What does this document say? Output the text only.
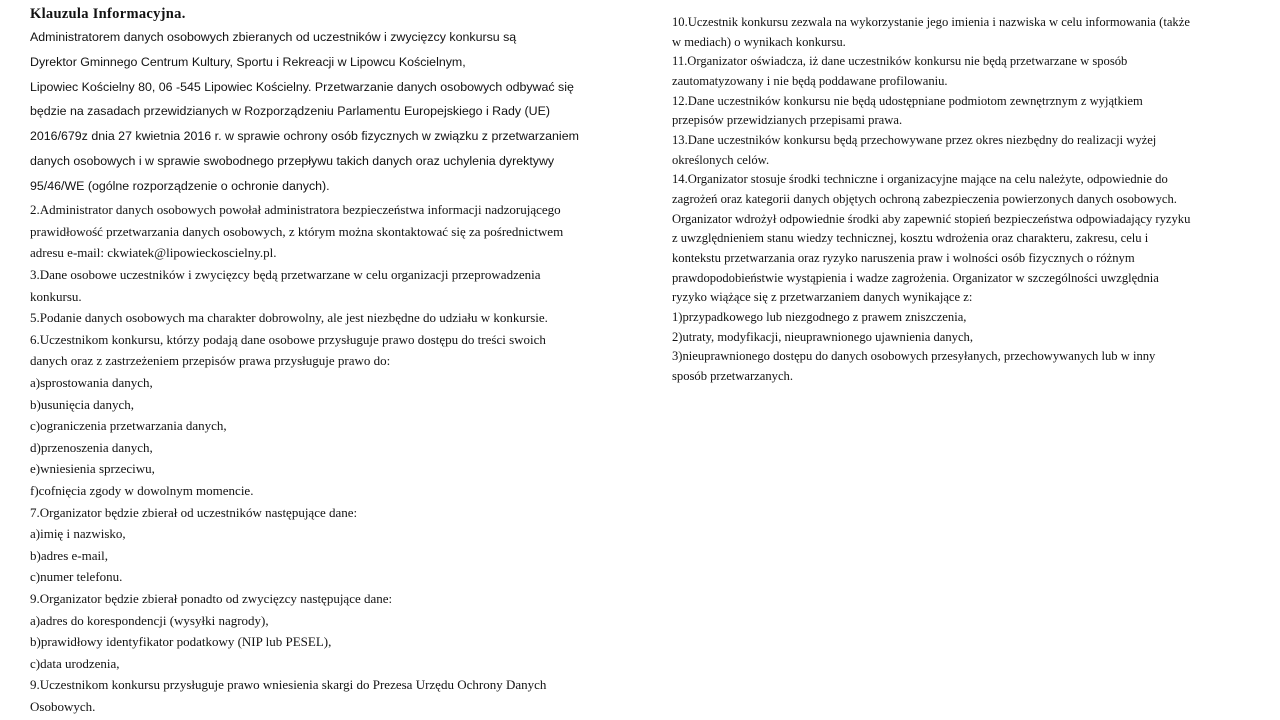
Klauzula Informacyjna.
Administratorem danych osobowych zbieranych od uczestników i zwycięzcy konkursu są
Dyrektor Gminnego Centrum Kultury, Sportu i Rekreacji w Lipowcu Kościelnym,
Lipowiec Kościelny 80, 06 -545 Lipowiec Kościelny. Przetwarzanie danych osobowych odbywać się
będzie na zasadach przewidzianych w Rozporządzeniu Parlamentu Europejskiego i Rady (UE)
2016/679z dnia 27 kwietnia 2016 r. w sprawie ochrony osób fizycznych w związku z przetwarzaniem
danych osobowych i w sprawie swobodnego przepływu takich danych oraz uchylenia dyrektywy
95/46/WE (ogólne rozporządzenie o ochronie danych).
2.Administrator danych osobowych powołał administratora bezpieczeństwa informacji nadzorującego
prawidłowość przetwarzania danych osobowych, z którym można skontaktować się za pośrednictwem
adresu e-mail: ckwiatek@lipowieckoscielny.pl.
3.Dane osobowe uczestników i zwycięzcy będą przetwarzane w celu organizacji przeprowadzenia
konkursu.
5.Podanie danych osobowych ma charakter dobrowolny, ale jest niezbędne do udziału w konkursie.
6.Uczestnikom konkursu, którzy podają dane osobowe przysługuje prawo dostępu do treści swoich
danych oraz z zastrzeżeniem przepisów prawa przysługuje prawo do:
a)sprostowania danych,
b)usunięcia danych,
c)ograniczenia przetwarzania danych,
d)przenoszenia danych,
e)wniesienia sprzeciwu,
f)cofnięcia zgody w dowolnym momencie.
7.Organizator będzie zbierał od uczestników następujące dane:
a)imię i nazwisko,
b)adres e-mail,
c)numer telefonu.
9.Organizator będzie zbierał ponadto od zwycięzcy następujące dane:
a)adres do korespondencji (wysyłki nagrody),
b)prawidłowy identyfikator podatkowy (NIP lub PESEL),
c)data urodzenia,
9.Uczestnikom konkursu przysługuje prawo wniesienia skargi do Prezesa Urzędu Ochrony Danych
Osobowych.
10.Uczestnik konkursu zezwala na wykorzystanie jego imienia i nazwiska w celu informowania (także
w mediach) o wynikach konkursu.
11.Organizator oświadcza, iż dane uczestników konkursu nie będą przetwarzane w sposób
zautomatyzowany i nie będą poddawane profilowaniu.
12.Dane uczestników konkursu nie będą udostępniane podmiotom zewnętrznym z wyjątkiem
przepisów przewidzianych przepisami prawa.
13.Dane uczestników konkursu będą przechowywane przez okres niezbędny do realizacji wyżej
określonych celów.
14.Organizator stosuje środki techniczne i organizacyjne mające na celu należyte, odpowiednie do
zagrożeń oraz kategorii danych objętych ochroną zabezpieczenia powierzonych danych osobowych.
Organizator wdrożył odpowiednie środki aby zapewnić stopień bezpieczeństwa odpowiadający ryzyku
z uwzględnieniem stanu wiedzy technicznej, kosztu wdrożenia oraz charakteru, zakresu, celu i
kontekstu przetwarzania oraz ryzyko naruszenia praw i wolności osób fizycznych o różnym
prawdopodobieństwie wystąpienia i wadze zagrożenia. Organizator w szczególności uwzględnia
ryzyko wiążące się z przetwarzaniem danych wynikające z:
1)przypadkowego lub niezgodnego z prawem zniszczenia,
2)utraty, modyfikacji, nieuprawnionego ujawnienia danych,
3)nieuprawnionego dostępu do danych osobowych przesyłanych, przechowywanych lub w inny
sposób przetwarzanych.
